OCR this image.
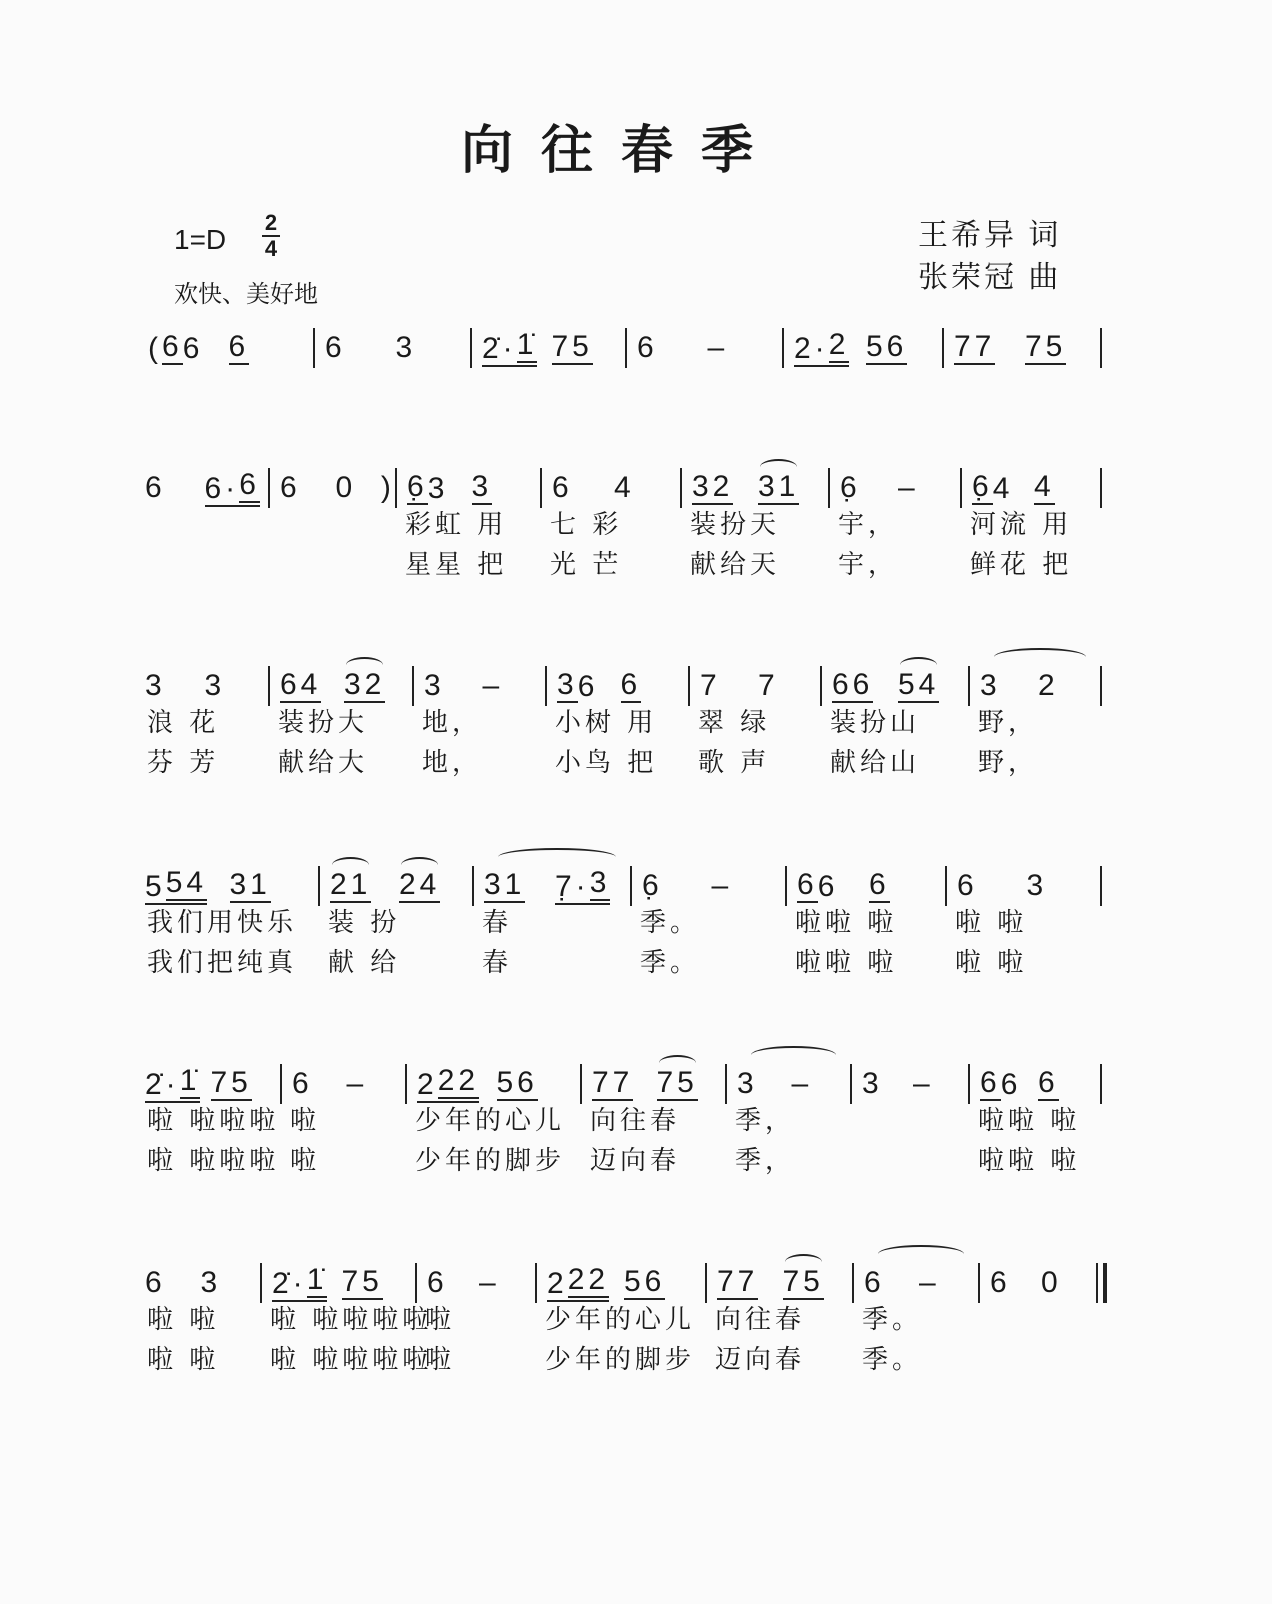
向往春季
1=D
2
4
欢快、美好地
王希异 词
张荣冠 曲
( 6 6 6	6 3 2̇· 1̇ 75 6 – 2· 2 56 77 75
6 6· 6 6 0  ) 6̣ 3 3
彩虹 用
星星 把
6 4
七 彩
光 芒
32 31
装扮天
献给天
6̣ –
宇，
宇，
6̣ 4 4
河流 用
鲜花 把
3 3
浪 花
芬 芳
64 32
装扮大
献给大
3 –
地，
地，
3 6 6
小树 用
小鸟 把
7 7
翠 绿
歌 声
66 54
装扮山
献给山
3 2
野，
野，
5 54 31
我们用快乐
我们把纯真
21 24
装 扮
献 给
31 7̣· 3
春
春
6̣ –
季。
季。
6 6 6
啦啦 啦
啦啦 啦
6 3
啦 啦
啦 啦
2̇· 1̇ 75
啦 啦啦啦
啦 啦啦啦
6 –
啦
啦
2 22 56
少年的心儿
少年的脚步
77 75
向往春
迈向春
3 –
季，
季，
3 – 6 6 6
啦啦 啦
啦啦 啦
6 3
啦 啦
啦 啦
2̇· 1̇ 75
啦 啦啦啦啦
啦 啦啦啦啦
6 –
啦
啦
2 22 56
少年的心儿
少年的脚步
77 75
向往春
迈向春
6 –
季。
季。
6 0
